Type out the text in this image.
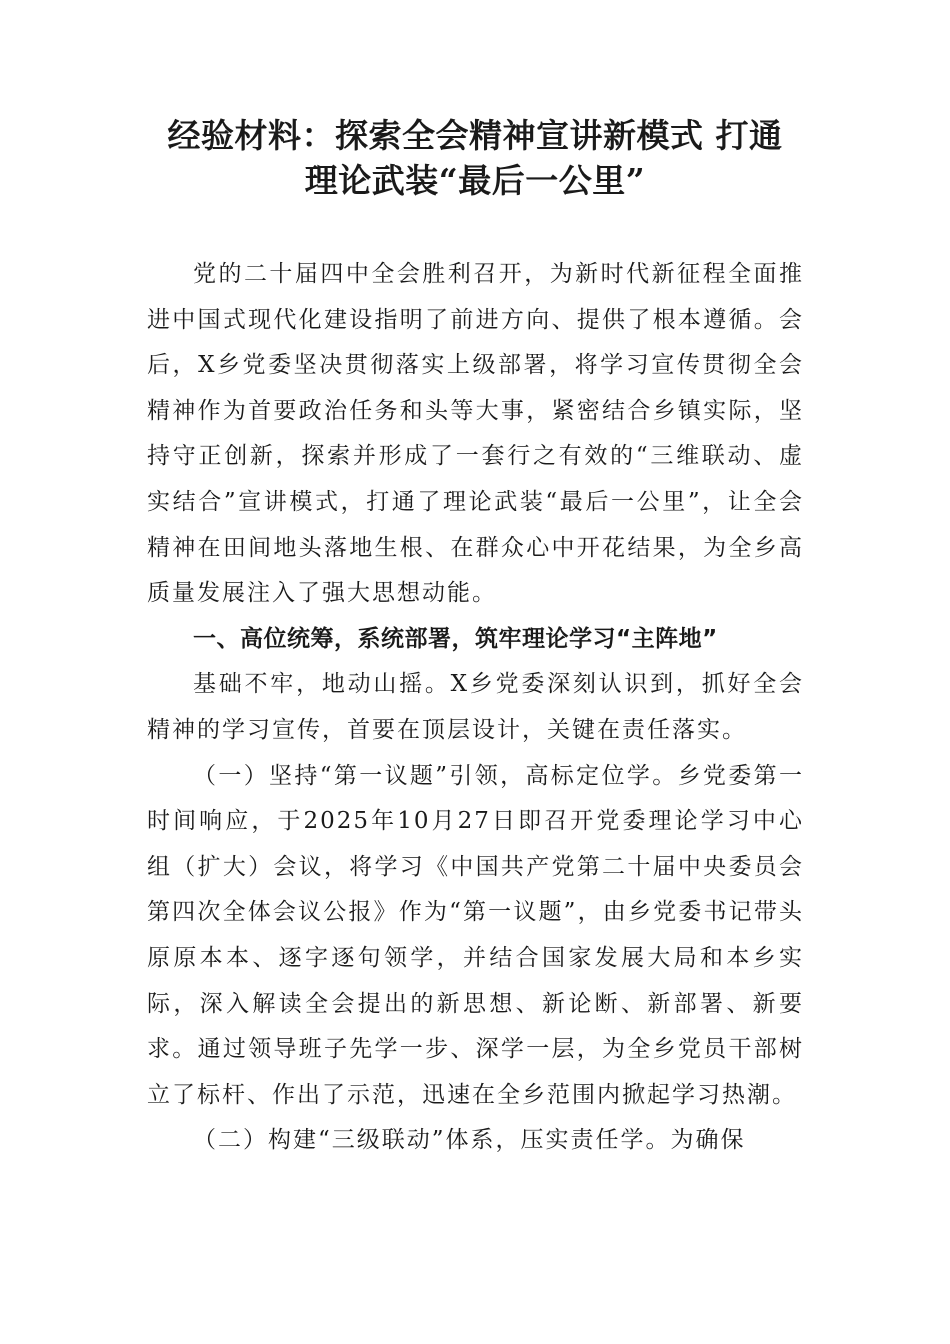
经验材料：探索全会精神宣讲新模式 打通
理论武装“最后一公里”

党的二十届四中全会胜利召开，为新时代新征程全面推进中国式现代化建设指明了前进方向、提供了根本遵循。会后，X乡党委坚决贯彻落实上级部署，将学习宣传贯彻全会精神作为首要政治任务和头等大事，紧密结合乡镇实际，坚持守正创新，探索并形成了一套行之有效的“三维联动、虚实结合”宣讲模式，打通了理论武装“最后一公里”，让全会精神在田间地头落地生根、在群众心中开花结果，为全乡高质量发展注入了强大思想动能。

一、高位统筹，系统部署，筑牢理论学习“主阵地”

基础不牢，地动山摇。X乡党委深刻认识到，抓好全会精神的学习宣传，首要在顶层设计，关键在责任落实。

（一）坚持“第一议题”引领，高标定位学。乡党委第一时间响应，于2025年10月27日即召开党委理论学习中心组（扩大）会议，将学习《中国共产党第二十届中央委员会第四次全体会议公报》作为“第一议题”，由乡党委书记带头原原本本、逐字逐句领学，并结合国家发展大局和本乡实际，深入解读全会提出的新思想、新论断、新部署、新要求。通过领导班子先学一步、深学一层，为全乡党员干部树立了标杆、作出了示范，迅速在全乡范围内掀起学习热潮。

（二）构建“三级联动”体系，压实责任学。为确保
